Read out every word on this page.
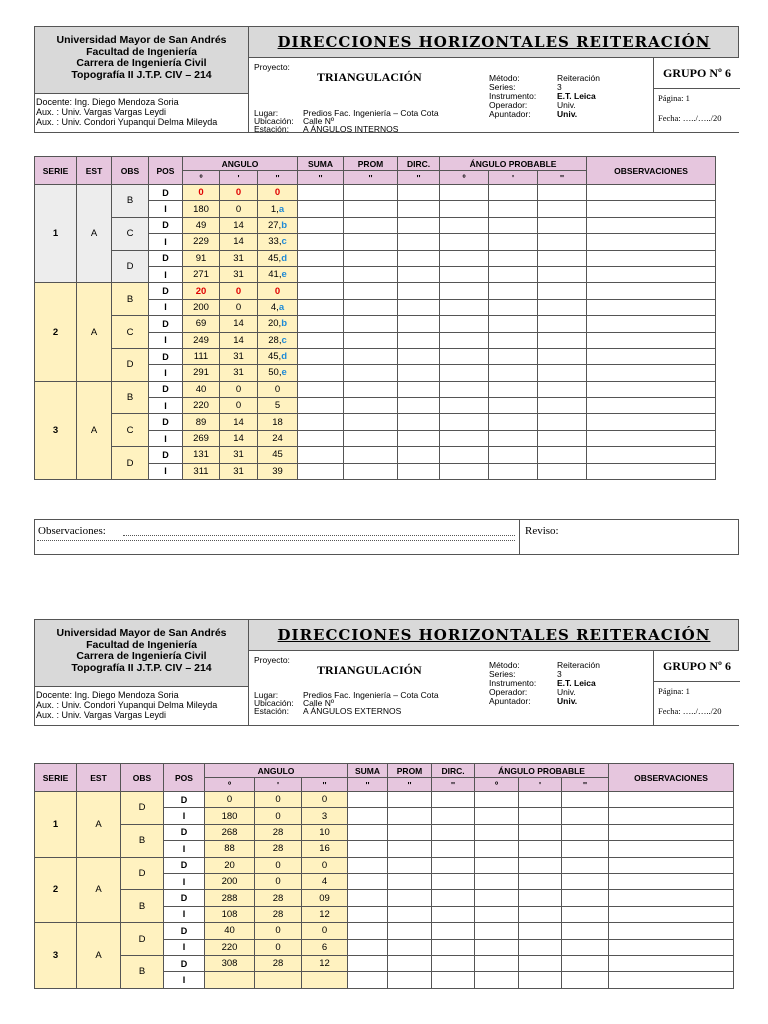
Universidad Mayor de San Andrés
Facultad de Ingeniería
Carrera de Ingeniería Civil
Topografía II J.T.P. CIV – 214
Docente: Ing. Diego Mendoza Soria
Aux. : Univ. Vargas Vargas Leydi
Aux. : Univ. Condori Yupanqui Delma Mileyda
DIRECCIONES HORIZONTALES REITERACIÓN
Proyecto:
TRIANGULACIÓN
Lugar:	Predios Fac. Ingeniería – Cota Cota
Ubicación: Calle Nº
Estación: A ÁNGULOS INTERNOS
Método:	Reiteración
Series:	3
Instrumento: E.T. Leica
Operador:	Univ.
Apuntador:	Univ.
GRUPO Nº 6
Página: 1
Fecha: …../…../20
SERIE	EST	OBS	POS	ANGULO			SUMA	PROM	DIRC.	ÁNGULO PROBABLE			OBSERVACIONES
				º	'	''	''	''	''	º	'	''	
1	A	B	D	0	0	0							
			I	180	0	1,a							
		C	D	49	14	27,b							
			I	229	14	33,c							
		D	D	91	31	45,d							
			I	271	31	41,e							
2	A	B	D	20	0	0							
			I	200	0	4,a							
		C	D	69	14	20,b							
			I	249	14	28,c							
		D	D	111	31	45,d							
			I	291	31	50,e							
3	A	B	D	40	0	0							
			I	220	0	5							
		C	D	89	14	18							
			I	269	14	24							
		D	D	131	31	45							
			I	311	31	39							
Observaciones:	Reviso:
Universidad Mayor de San Andrés
Facultad de Ingeniería
Carrera de Ingeniería Civil
Topografía II J.T.P. CIV – 214
Docente: Ing. Diego Mendoza Soria
Aux. : Univ. Condori Yupanqui Delma Mileyda
Aux. : Univ. Vargas Vargas Leydi
DIRECCIONES HORIZONTALES REITERACIÓN
Proyecto:
TRIANGULACIÓN
Lugar:	Predios Fac. Ingeniería – Cota Cota
Ubicación: Calle Nº
Estación: A ÁNGULOS EXTERNOS
Método:	Reiteración
Series:	3
Instrumento: E.T. Leica
Operador:	Univ.
Apuntador:	Univ.
GRUPO Nº 6
Página: 1
Fecha: …../…../20
SERIE	EST	OBS	POS	ANGULO			SUMA	PROM	DIRC.	ÁNGULO PROBABLE			OBSERVACIONES
				º	'	''	''	''	''	º	'	''	
1	A	D	D	0	0	0							
			I	180	0	3							
		B	D	268	28	10							
			I	88	28	16							
2	A	D	D	20	0	0							
			I	200	0	4							
		B	D	288	28	09							
			I	108	28	12							
3	A	D	D	40	0	0							
			I	220	0	6							
		B	D	308	28	12							
			I										
